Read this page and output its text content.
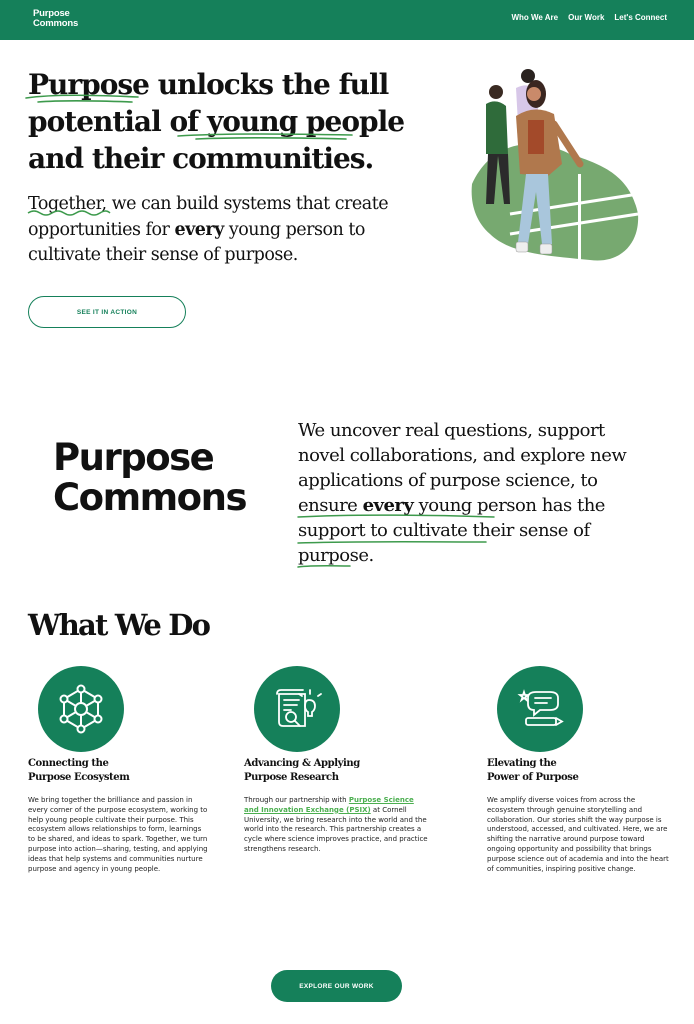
Purpose
Commons
Who We Are Our Work Let's Connect
Purpose unlocks the full potential of young people and their communities.

Together, we can build systems that create opportunities for every young person to cultivate their sense of purpose.

SEE IT IN ACTION
Purpose
Commons

We uncover real questions, support novel collaborations, and explore new applications of purpose science, to ensure every young person has the support to cultivate their sense of purpose.

What We Do
Connecting the
Purpose Ecosystem

We bring together the brilliance and passion in every corner of the purpose ecosystem, working to help young people cultivate their purpose. This ecosystem allows relationships to form, learnings to be shared, and ideas to spark. Together, we turn purpose into action—sharing, testing, and applying ideas that help systems and communities nurture purpose and agency in young people.

Advancing & Applying
Purpose Research

Through our partnership with Purpose Science and Innovation Exchange (PSIX) at Cornell University, we bring research into the world and the world into the research. This partnership creates a cycle where science improves practice, and practice strengthens research.

Elevating the
Power of Purpose

We amplify diverse voices from across the ecosystem through genuine storytelling and collaboration. Our stories shift the way purpose is understood, accessed, and cultivated. Here, we are shifting the narrative around purpose toward ongoing opportunity and possibility that brings purpose science out of academia and into the heart of communities, inspiring positive change.

EXPLORE OUR WORK
